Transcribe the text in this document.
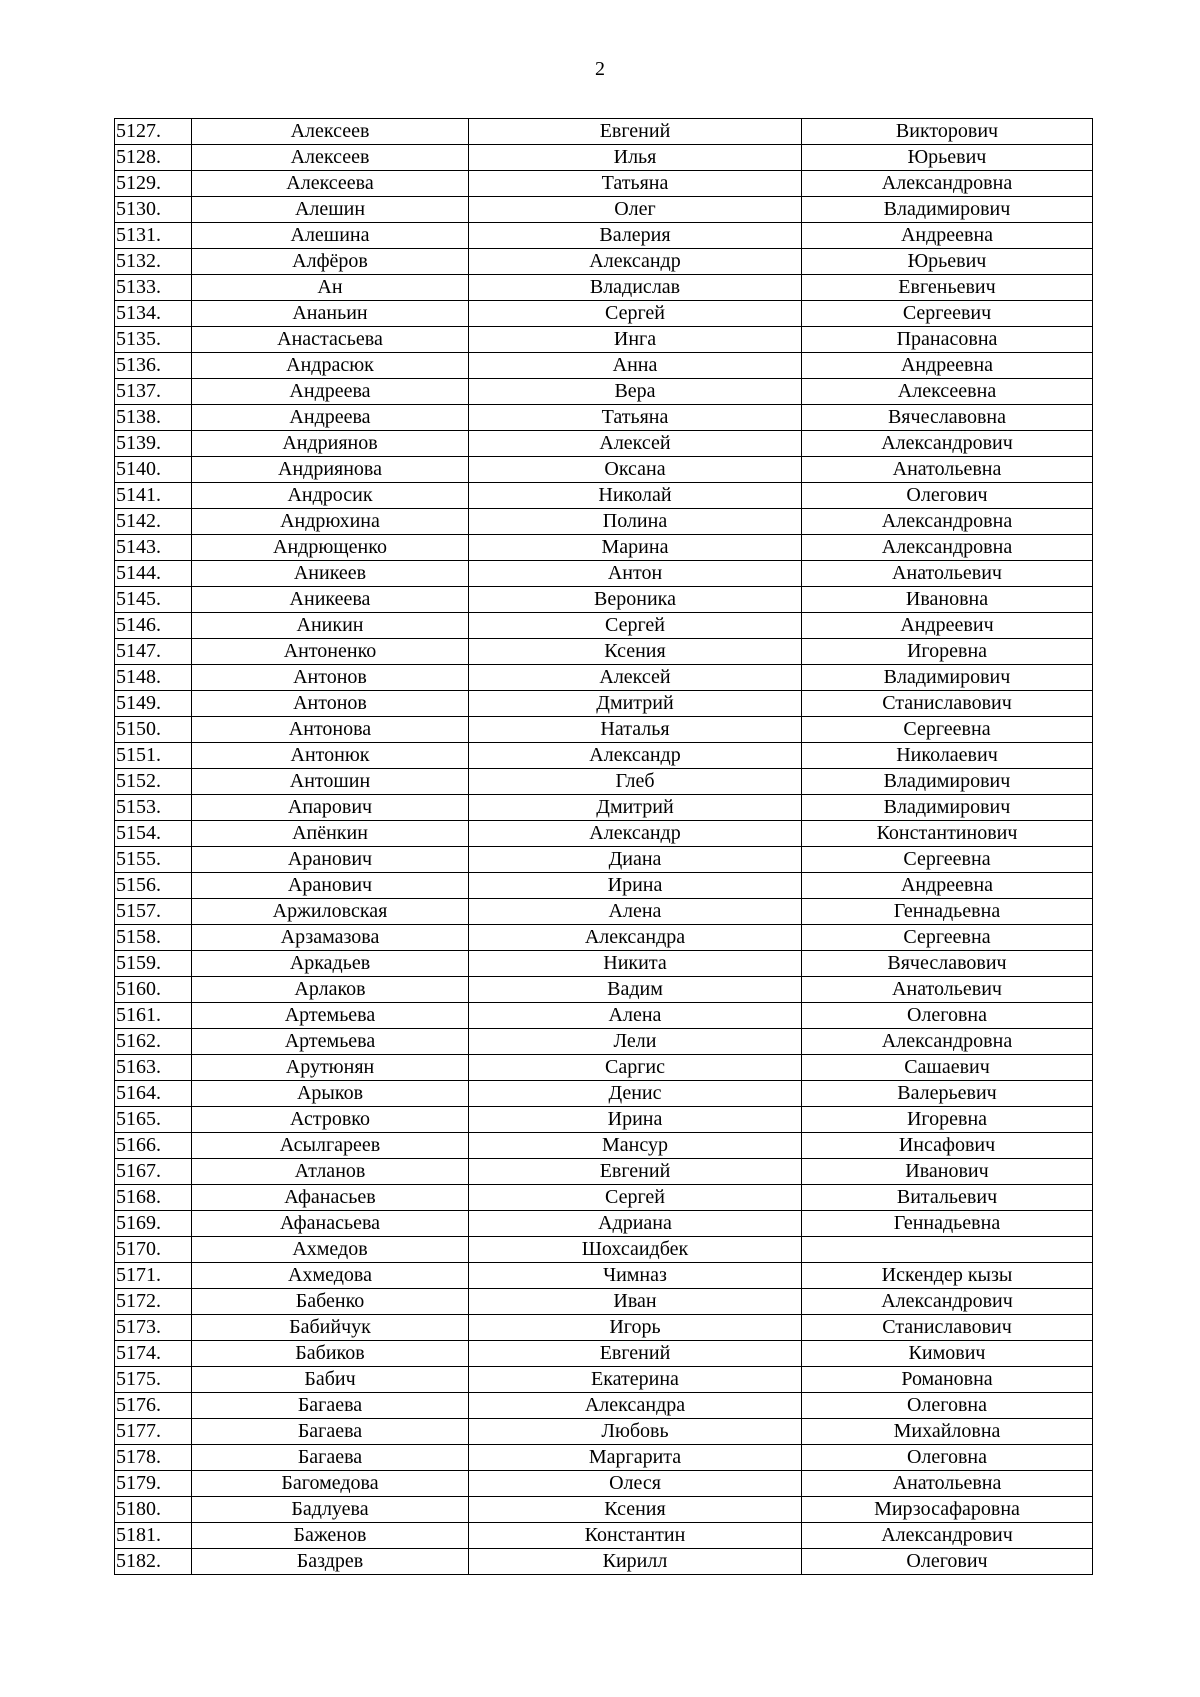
2
5127.	Алексеев	Евгений	Викторович
5128.	Алексеев	Илья	Юрьевич
5129.	Алексеева	Татьяна	Александровна
5130.	Алешин	Олег	Владимирович
5131.	Алешина	Валерия	Андреевна
5132.	Алфёров	Александр	Юрьевич
5133.	Ан	Владислав	Евгеньевич
5134.	Ананьин	Сергей	Сергеевич
5135.	Анастасьева	Инга	Пранасовна
5136.	Андрасюк	Анна	Андреевна
5137.	Андреева	Вера	Алексеевна
5138.	Андреева	Татьяна	Вячеславовна
5139.	Андриянов	Алексей	Александрович
5140.	Андриянова	Оксана	Анатольевна
5141.	Андросик	Николай	Олегович
5142.	Андрюхина	Полина	Александровна
5143.	Андрющенко	Марина	Александровна
5144.	Аникеев	Антон	Анатольевич
5145.	Аникеева	Вероника	Ивановна
5146.	Аникин	Сергей	Андреевич
5147.	Антоненко	Ксения	Игоревна
5148.	Антонов	Алексей	Владимирович
5149.	Антонов	Дмитрий	Станиславович
5150.	Антонова	Наталья	Сергеевна
5151.	Антонюк	Александр	Николаевич
5152.	Антошин	Глеб	Владимирович
5153.	Апарович	Дмитрий	Владимирович
5154.	Апёнкин	Александр	Константинович
5155.	Аранович	Диана	Сергеевна
5156.	Аранович	Ирина	Андреевна
5157.	Аржиловская	Алена	Геннадьевна
5158.	Арзамазова	Александра	Сергеевна
5159.	Аркадьев	Никита	Вячеславович
5160.	Арлаков	Вадим	Анатольевич
5161.	Артемьева	Алена	Олеговна
5162.	Артемьева	Лели	Александровна
5163.	Арутюнян	Саргис	Сашаевич
5164.	Арыков	Денис	Валерьевич
5165.	Астровко	Ирина	Игоревна
5166.	Асылгареев	Мансур	Инсафович
5167.	Атланов	Евгений	Иванович
5168.	Афанасьев	Сергей	Витальевич
5169.	Афанасьева	Адриана	Геннадьевна
5170.	Ахмедов	Шохсаидбек	
5171.	Ахмедова	Чимназ	Искендер кызы
5172.	Бабенко	Иван	Александрович
5173.	Бабийчук	Игорь	Станиславович
5174.	Бабиков	Евгений	Кимович
5175.	Бабич	Екатерина	Романовна
5176.	Багаева	Александра	Олеговна
5177.	Багаева	Любовь	Михайловна
5178.	Багаева	Маргарита	Олеговна
5179.	Багомедова	Олеся	Анатольевна
5180.	Бадлуева	Ксения	Мирзосафаровна
5181.	Баженов	Константин	Александрович
5182.	Баздрев	Кирилл	Олегович
